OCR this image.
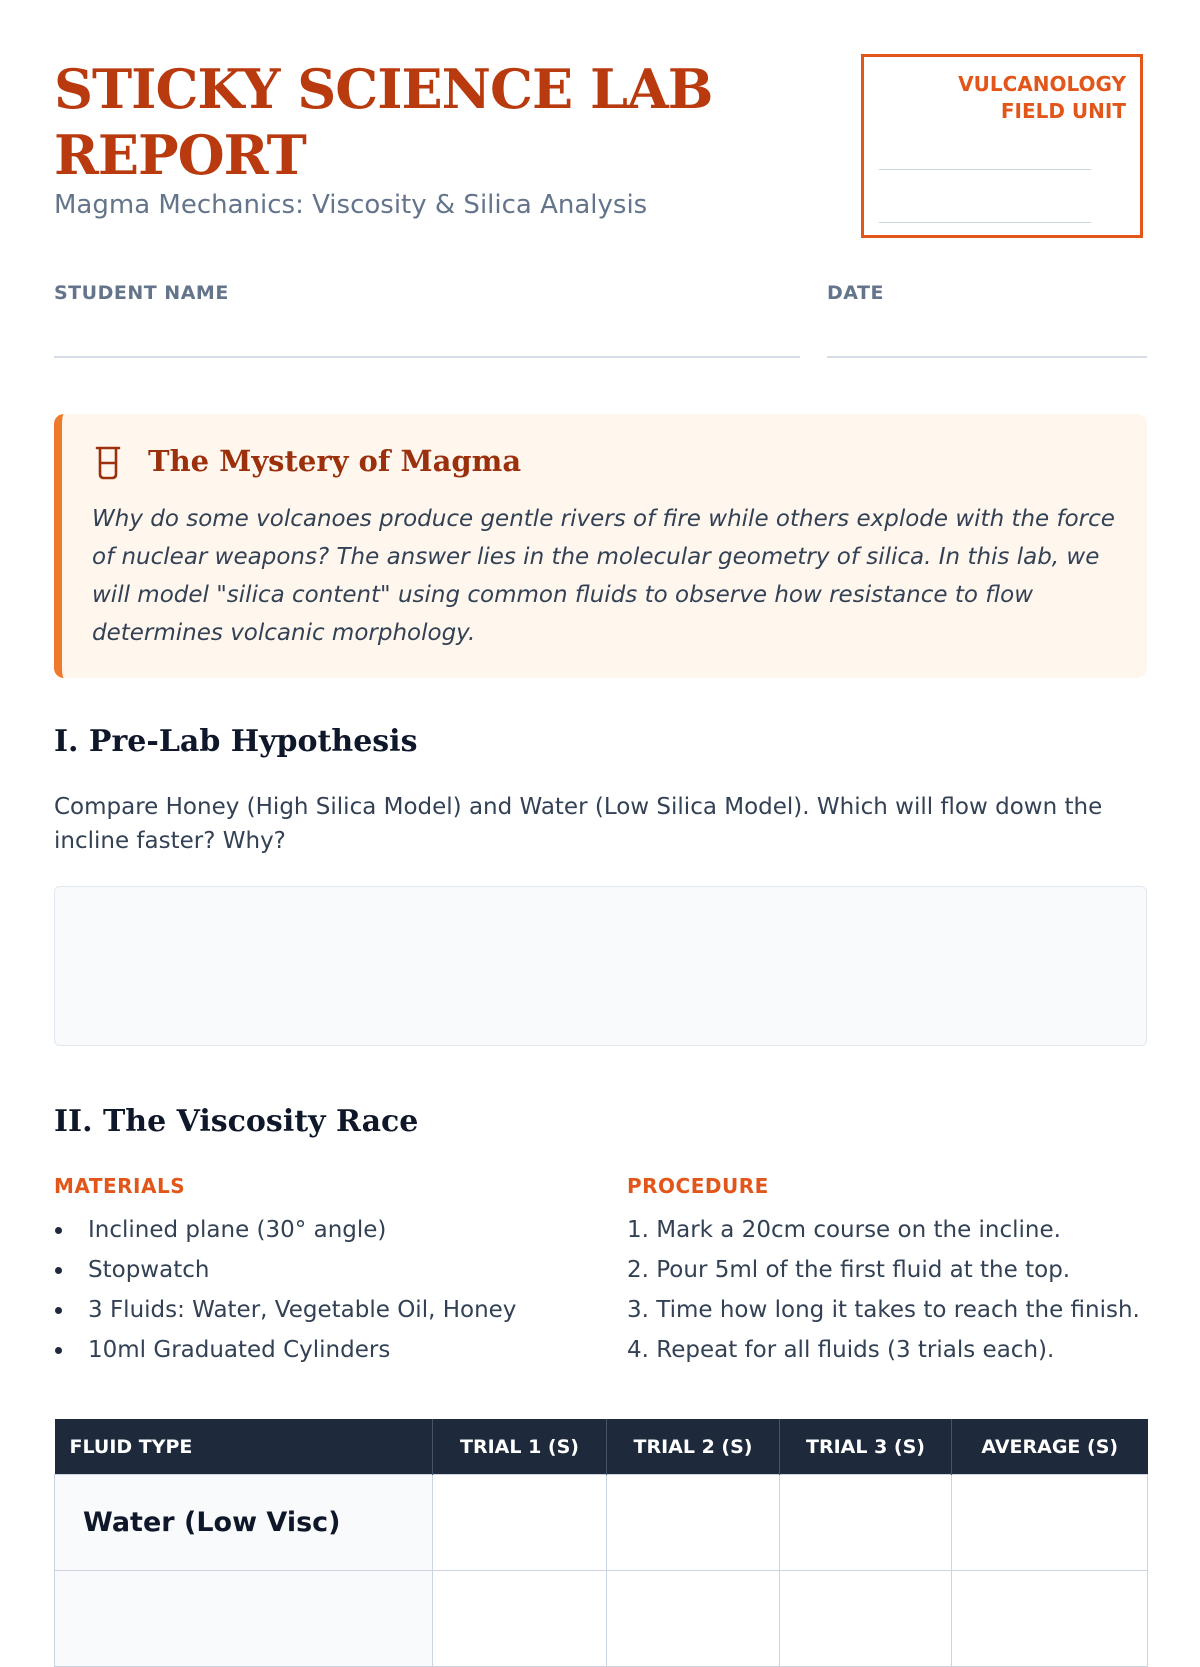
STICKY SCIENCE LAB REPORT

Magma Mechanics: Viscosity & Silica Analysis

VULCANOLOGY FIELD UNIT
STUDENT NAME	DATE
The Mystery of Magma

Why do some volcanoes produce gentle rivers of fire while others explode with the force of nuclear weapons? The answer lies in the molecular geometry of silica. In this lab, we will model "silica content" using common fluids to observe how resistance to flow determines volcanic morphology.

I. Pre-Lab Hypothesis

Compare Honey (High Silica Model) and Water (Low Silica Model). Which will flow down the incline faster? Why?

II. The Viscosity Race
MATERIALS
Inclined plane (30° angle)
Stopwatch
3 Fluids: Water, Vegetable Oil, Honey
10ml Graduated Cylinders
PROCEDURE
1. Mark a 20cm course on the incline.
2. Pour 5ml of the first fluid at the top.
3. Time how long it takes to reach the finish.
4. Repeat for all fluids (3 trials each).
FLUID TYPE	TRIAL 1 (S)	TRIAL 2 (S)	TRIAL 3 (S)	AVERAGE (S)
Water (Low Visc)				
